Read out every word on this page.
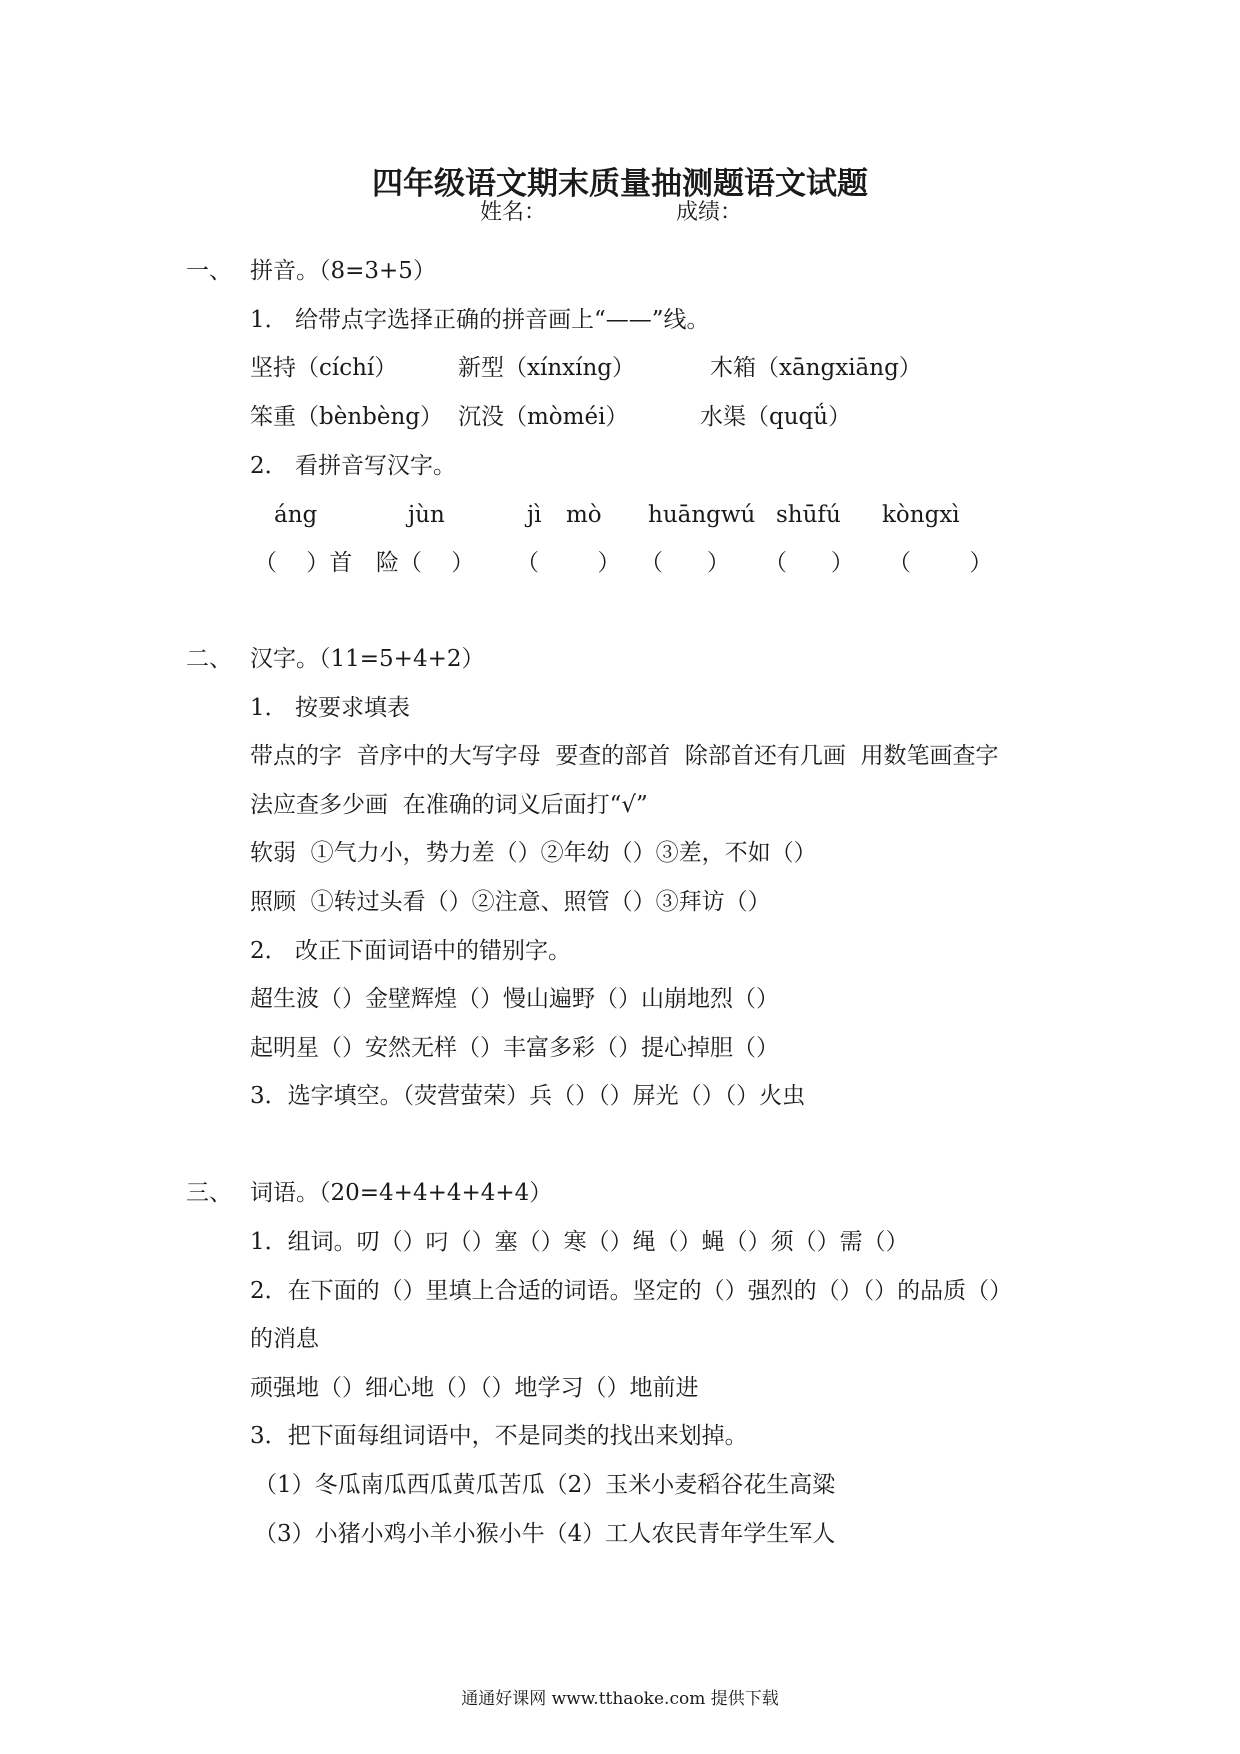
四年级语文期末质量抽测题语文试题
姓名：	成绩：
一、 拼音。（8=3+5）
1． 给带点字选择正确的拼音画上“——”线。
坚持（cíchí）	新型（xínxíng）	木箱（xāngxiāng）
笨重（bènbèng） 沉没（mòméi）	水渠（quqǘ）
2． 看拼音写汉字。
áng	jùn	jì mò huāngwú shūfú kòngxì
（    ）首 险（    ） （        ） （      ） （      ） （        ）
二、 汉字。（11=5+4+2）
1． 按要求填表
带点的字  音序中的大写字母  要查的部首  除部首还有几画  用数笔画查字
法应查多少画  在准确的词义后面打“√”
软弱  ①气力小，势力差（）②年幼（）③差，不如（）
照顾  ①转过头看（）②注意、照管（）③拜访（）
2． 改正下面词语中的错别字。
超生波（）金壁辉煌（）慢山遍野（）山崩地烈（）
起明星（）安然无样（）丰富多彩（）提心掉胆（）
3．选字填空。（荧营萤荣）兵（）（）屏光（）（）火虫
三、 词语。（20=4+4+4+4+4）
1．组词。叨（）叼（）塞（）寒（）绳（）蝇（）须（）需（）
2．在下面的（）里填上合适的词语。坚定的（）强烈的（）（）的品质（）
的消息
顽强地（）细心地（）（）地学习（）地前进
3．把下面每组词语中，不是同类的找出来划掉。
（1）冬瓜南瓜西瓜黄瓜苦瓜（2）玉米小麦稻谷花生高粱
（3）小猪小鸡小羊小猴小牛（4）工人农民青年学生军人
通通好课网 www.tthaoke.com 提供下载
